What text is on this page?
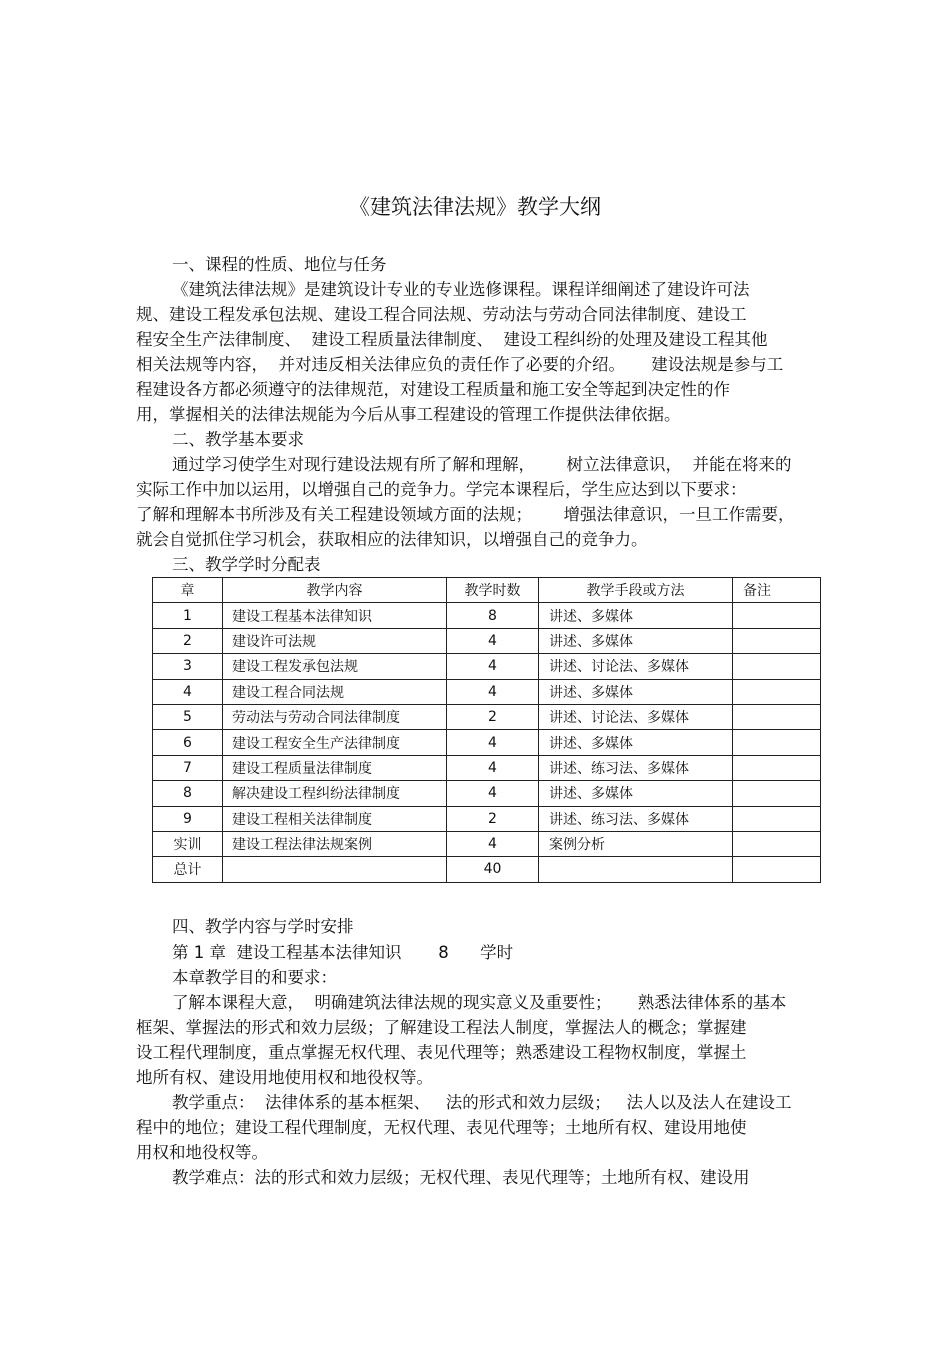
《建筑法律法规》教学大纲
一、课程的性质、地位与任务
《建筑法律法规》是建筑设计专业的专业选修课程。课程详细阐述了建设许可法
规、建设工程发承包法规、建设工程合同法规、劳动法与劳动合同法律制度、建设工
程安全生产法律制度、  建设工程质量法律制度、  建设工程纠纷的处理及建设工程其他
相关法规等内容，  并对违反相关法律应负的责任作了必要的介绍。     建设法规是参与工
程建设各方都必须遵守的法律规范，对建设工程质量和施工安全等起到决定性的作
用，掌握相关的法律法规能为今后从事工程建设的管理工作提供法律依据。
二、教学基本要求
通过学习使学生对现行建设法规有所了解和理解，      树立法律意识，  并能在将来的
实际工作中加以运用，以增强自己的竞争力。学完本课程后，学生应达到以下要求：
了解和理解本书所涉及有关工程建设领域方面的法规；      增强法律意识，一旦工作需要，
就会自觉抓住学习机会，获取相应的法律知识，以增强自己的竞争力。
三、教学学时分配表
章	教学内容	教学时数	教学手段或方法	备注
1	建设工程基本法律知识	8	讲述、多媒体	
2	建设许可法规	4	讲述、多媒体	
3	建设工程发承包法规	4	讲述、讨论法、多媒体	
4	建设工程合同法规	4	讲述、多媒体	
5	劳动法与劳动合同法律制度	2	讲述、讨论法、多媒体	
6	建设工程安全生产法律制度	4	讲述、多媒体	
7	建设工程质量法律制度	4	讲述、练习法、多媒体	
8	解决建设工程纠纷法律制度	4	讲述、多媒体	
9	建设工程相关法律制度	2	讲述、练习法、多媒体	
实训	建设工程法律法规案例	4	案例分析	
总计		40		
四、教学内容与学时安排
第 1 章  建设工程基本法律知识       8      学时
本章教学目的和要求：
了解本课程大意，  明确建筑法律法规的现实意义及重要性；     熟悉法律体系的基本
框架、掌握法的形式和效力层级；了解建设工程法人制度，掌握法人的概念；掌握建
设工程代理制度，重点掌握无权代理、表见代理等；熟悉建设工程物权制度，掌握土
地所有权、建设用地使用权和地役权等。
教学重点：  法律体系的基本框架、   法的形式和效力层级；   法人以及法人在建设工
程中的地位；建设工程代理制度，无权代理、表见代理等；土地所有权、建设用地使
用权和地役权等。
教学难点：法的形式和效力层级；无权代理、表见代理等；土地所有权、建设用
